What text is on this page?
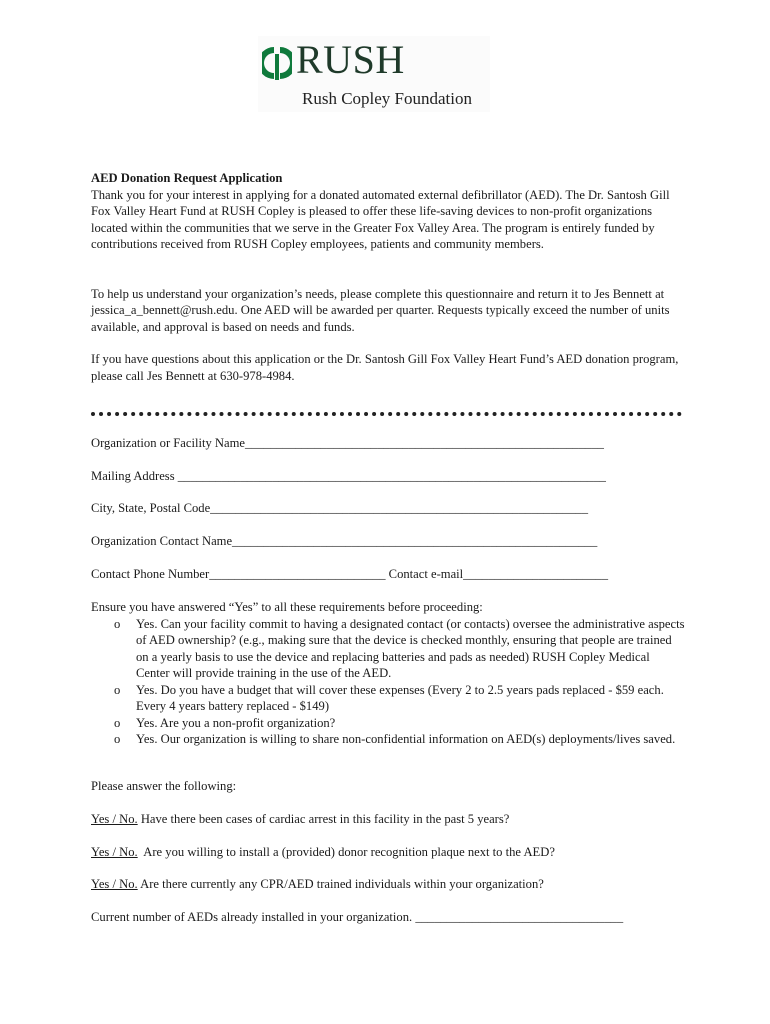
RUSH
Rush Copley Foundation

AED Donation Request Application

Thank you for your interest in applying for a donated automated external defibrillator (AED). The Dr. Santosh Gill Fox Valley Heart Fund at RUSH Copley is pleased to offer these life-saving devices to non-profit organizations located within the communities that we serve in the Greater Fox Valley Area. The program is entirely funded by contributions received from RUSH Copley employees, patients and community members.

To help us understand your organization’s needs, please complete this questionnaire and return it to Jes Bennett at jessica_a_bennett@rush.edu. One AED will be awarded per quarter. Requests typically exceed the number of units available, and approval is based on needs and funds.

If you have questions about this application or the Dr. Santosh Gill Fox Valley Heart Fund’s AED donation program, please call Jes Bennett at 630-978-4984.

Organization or Facility Name_________________________________________________________
Mailing Address ____________________________________________________________________
City, State, Postal Code____________________________________________________________
Organization Contact Name__________________________________________________________
Contact Phone Number____________________________ Contact e-mail_______________________

Ensure you have answered “Yes” to all these requirements before proceeding:

o Yes. Can your facility commit to having a designated contact (or contacts) oversee the administrative aspects of AED ownership? (e.g., making sure that the device is checked monthly, ensuring that people are trained on a yearly basis to use the device and replacing batteries and pads as needed) RUSH Copley Medical Center will provide training in the use of the AED.
o Yes. Do you have a budget that will cover these expenses (Every 2 to 2.5 years pads replaced - $59 each. Every 4 years battery replaced - $149)
o Yes. Are you a non-profit organization?
o Yes. Our organization is willing to share non-confidential information on AED(s) deployments/lives saved.
Please answer the following:
Yes / No. Have there been cases of cardiac arrest in this facility in the past 5 years?
Yes / No.  Are you willing to install a (provided) donor recognition plaque next to the AED?
Yes / No. Are there currently any CPR/AED trained individuals within your organization?
Current number of AEDs already installed in your organization. _________________________________
